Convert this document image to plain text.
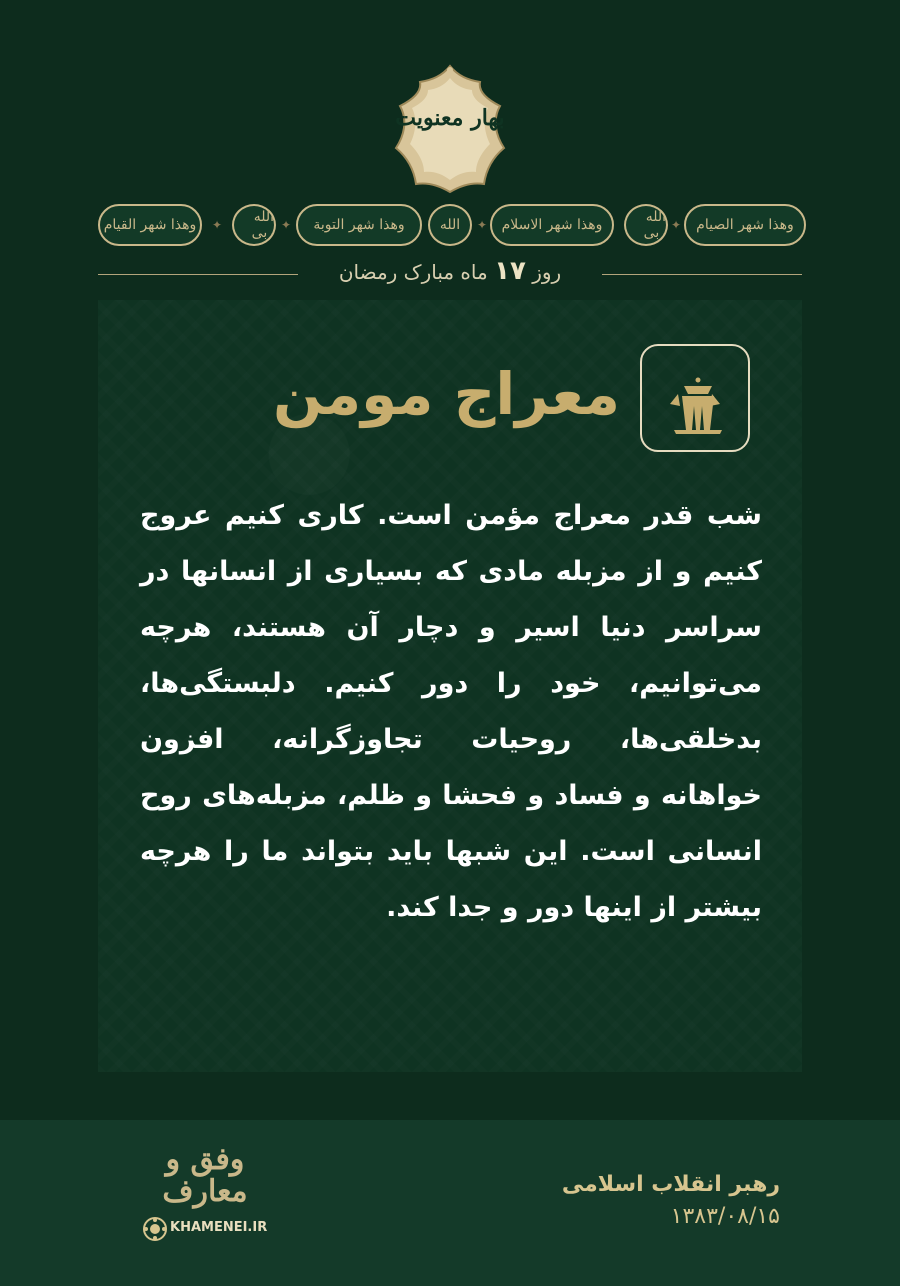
بهار معنویت
وهذا شهر القیام	✦	الله ربی ✦	وهذا شهر التوبة	الله	✦	وهذا شهر الاسلام	الله ربی ✦	وهذا شهر الصیام
روز ۱۷ ماه مبارک رمضان
معراج مومن
شب قدر معراج مؤمن است. کاری کنیم عروج
کنیم و از مزبله مادی که بسیاری از انسانها در
سراسر دنیا اسیر و دچار آن هستند، هرچه
می‌توانیم، خود را دور کنیم. دلبستگی‌ها،
بدخلقی‌ها، روحیات تجاوزگرانه، افزون
خواهانه و فساد و فحشا و ظلم، مزبله‌های روح
انسانی است. این شبها باید بتواند ما را هرچه
بیشتر از اینها دور و جدا کند.
رهبر انقلاب اسلامی
۱۳۸۳/۰۸/۱۵
وفق و معارف
KHAMENEI.IR
